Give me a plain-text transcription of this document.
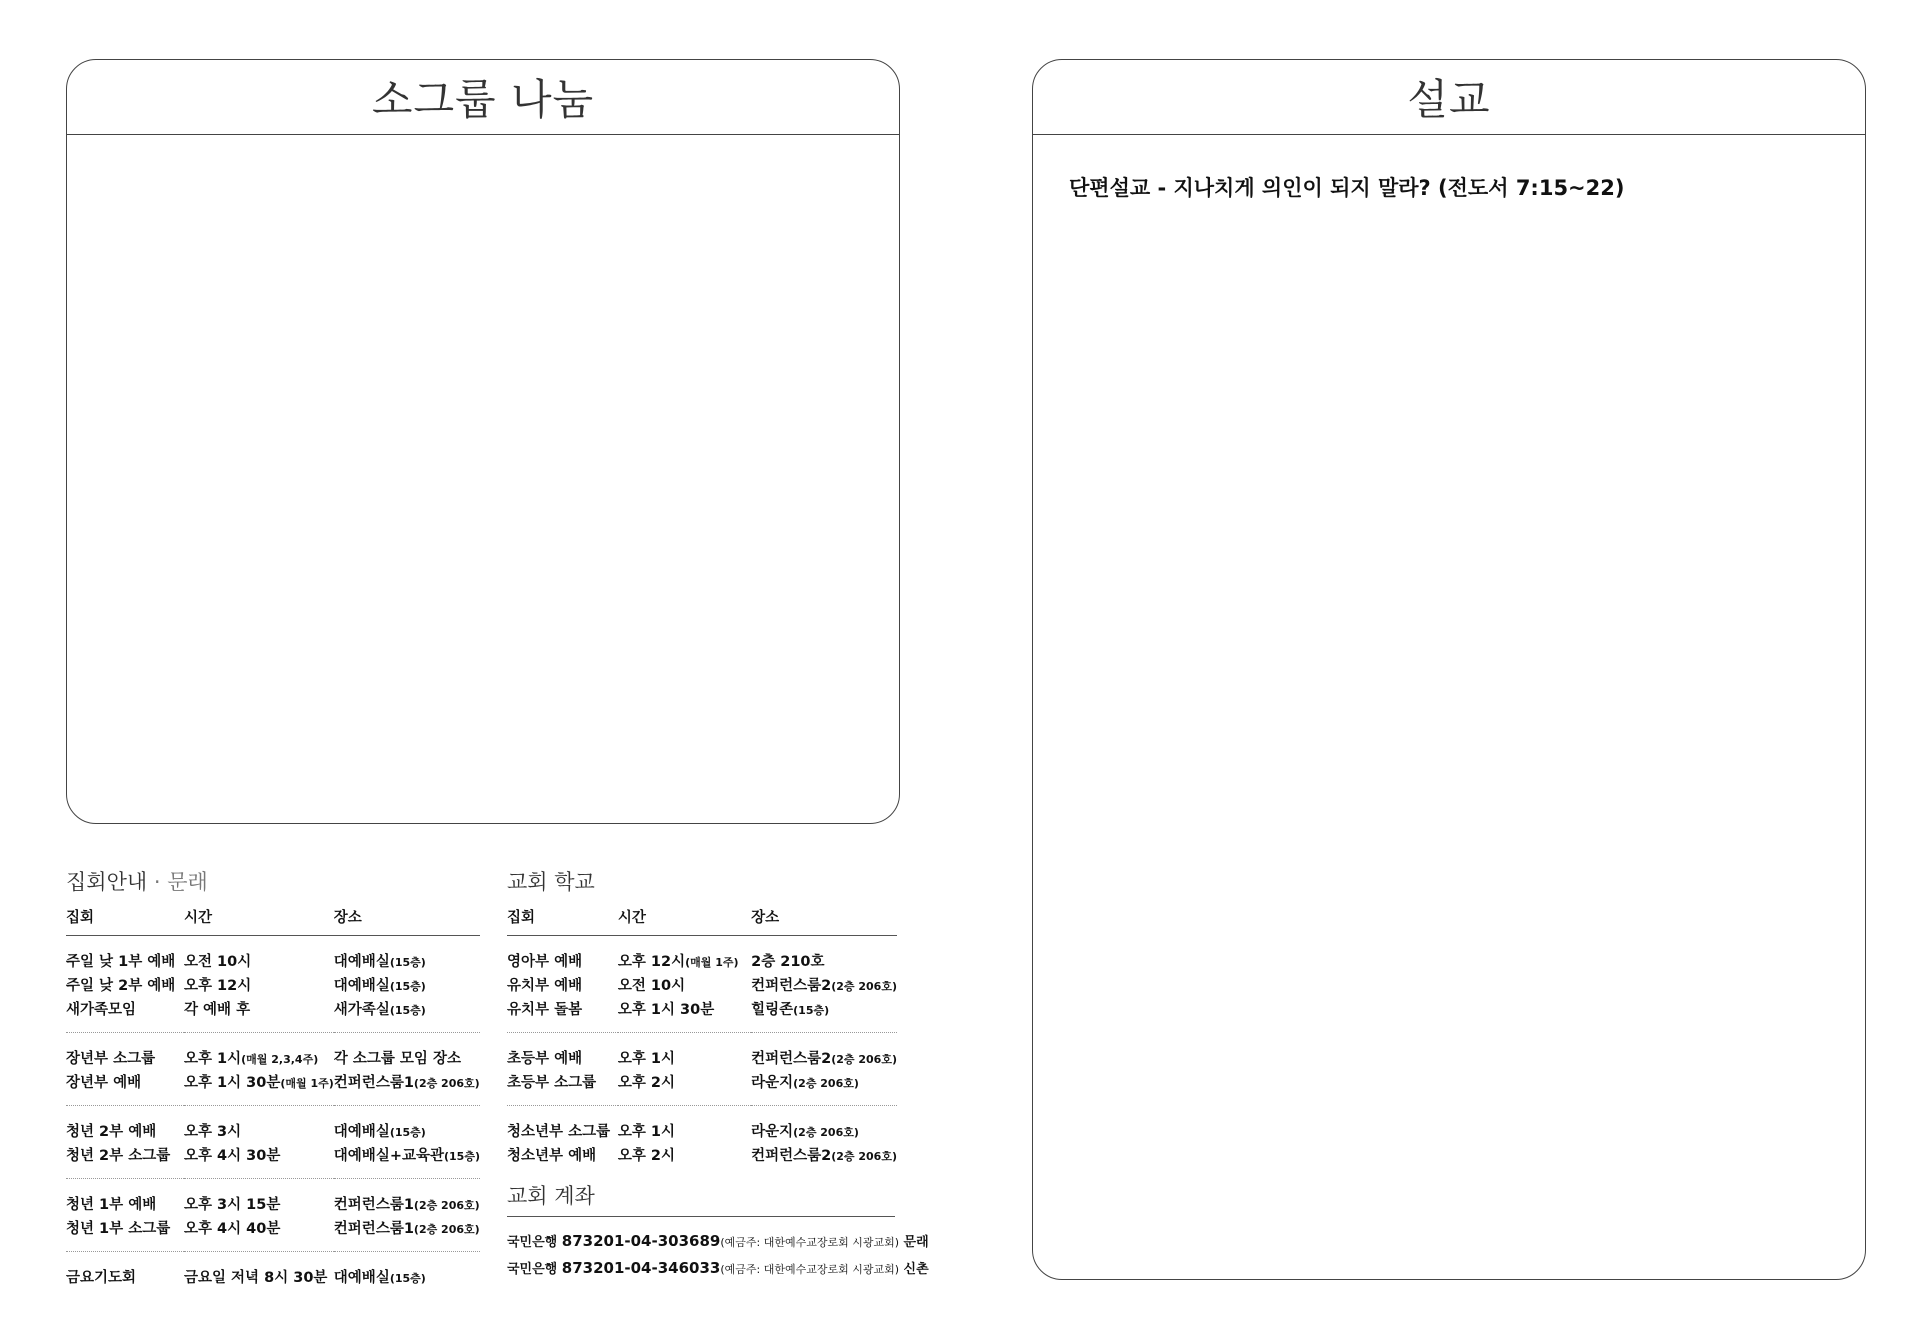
소그룹 나눔	설교
단편설교 - 지나치게 의인이 되지 말라? (전도서 7:15~22)
집회안내 · 문래
집회	시간	장소
주일 낮 1부 예배	오전 10시	대예배실(15층)
주일 낮 2부 예배	오후 12시	대예배실(15층)
새가족모임	각 예배 후	새가족실(15층)
장년부 소그룹	오후 1시(매월 2,3,4주)	각 소그룹 모임 장소
장년부 예배	오후 1시 30분(매월 1주)	컨퍼런스룸1(2층 206호)
청년 2부 예배	오후 3시	대예배실(15층)
청년 2부 소그룹	오후 4시 30분	대예배실+교육관(15층)
청년 1부 예배	오후 3시 15분	컨퍼런스룸1(2층 206호)
청년 1부 소그룹	오후 4시 40분	컨퍼런스룸1(2층 206호)
금요기도회	금요일 저녁 8시 30분	대예배실(15층)
교회 학교
집회	시간	장소
영아부 예배	오후 12시(매월 1주)	2층 210호
유치부 예배	오전 10시	컨퍼런스룸2(2층 206호)
유치부 돌봄	오후 1시 30분	힐링존(15층)
초등부 예배	오후 1시	컨퍼런스룸2(2층 206호)
초등부 소그룹	오후 2시	라운지(2층 206호)
청소년부 소그룹	오후 1시	라운지(2층 206호)
청소년부 예배	오후 2시	컨퍼런스룸2(2층 206호)
교회 계좌
국민은행 873201-04-303689(예금주: 대한예수교장로회 시광교회) 문래
국민은행 873201-04-346033(예금주: 대한예수교장로회 시광교회) 신촌
